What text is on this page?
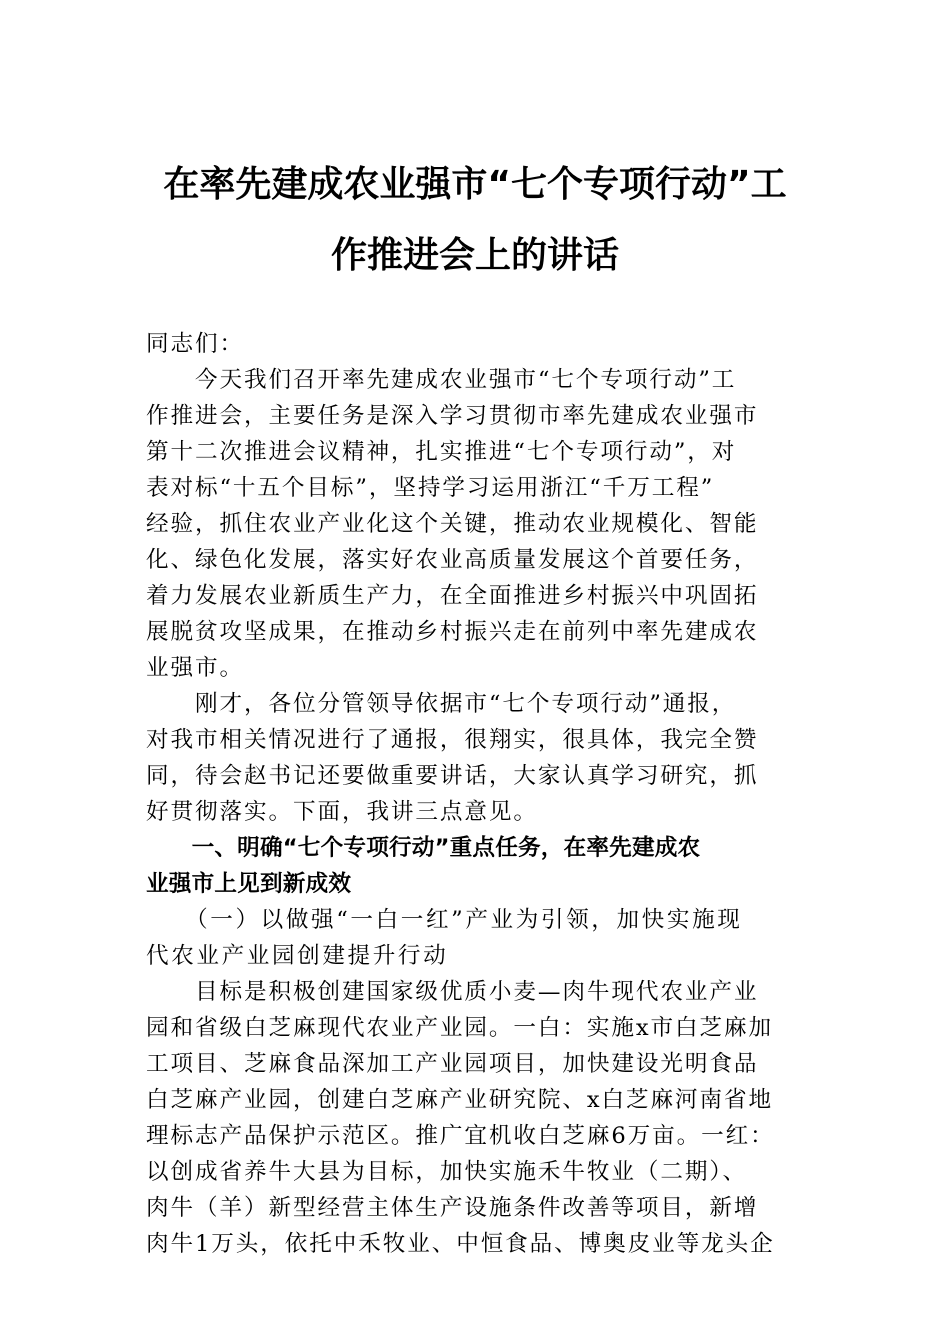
在率先建成农业强市“七个专项行动”工
作推进会上的讲话
同志们：
　　今天我们召开率先建成农业强市“七个专项行动”工
作推进会，主要任务是深入学习贯彻市率先建成农业强市
第十二次推进会议精神，扎实推进“七个专项行动”，对
表对标“十五个目标”，坚持学习运用浙江“千万工程”
经验，抓住农业产业化这个关键，推动农业规模化、智能
化、绿色化发展，落实好农业高质量发展这个首要任务，
着力发展农业新质生产力，在全面推进乡村振兴中巩固拓
展脱贫攻坚成果，在推动乡村振兴走在前列中率先建成农
业强市。
　　刚才，各位分管领导依据市“七个专项行动”通报，
对我市相关情况进行了通报，很翔实，很具体，我完全赞
同，待会赵书记还要做重要讲话，大家认真学习研究，抓
好贯彻落实。下面，我讲三点意见。
　　一、明确“七个专项行动”重点任务，在率先建成农
业强市上见到新成效
　　（一）以做强“一白一红”产业为引领，加快实施现
代农业产业园创建提升行动
　　目标是积极创建国家级优质小麦—肉牛现代农业产业
园和省级白芝麻现代农业产业园。一白：实施x市白芝麻加
工项目、芝麻食品深加工产业园项目，加快建设光明食品
白芝麻产业园，创建白芝麻产业研究院、x白芝麻河南省地
理标志产品保护示范区。推广宜机收白芝麻6万亩。一红：
以创成省养牛大县为目标，加快实施禾牛牧业（二期）、
肉牛（羊）新型经营主体生产设施条件改善等项目，新增
肉牛1万头，依托中禾牧业、中恒食品、博奥皮业等龙头企
